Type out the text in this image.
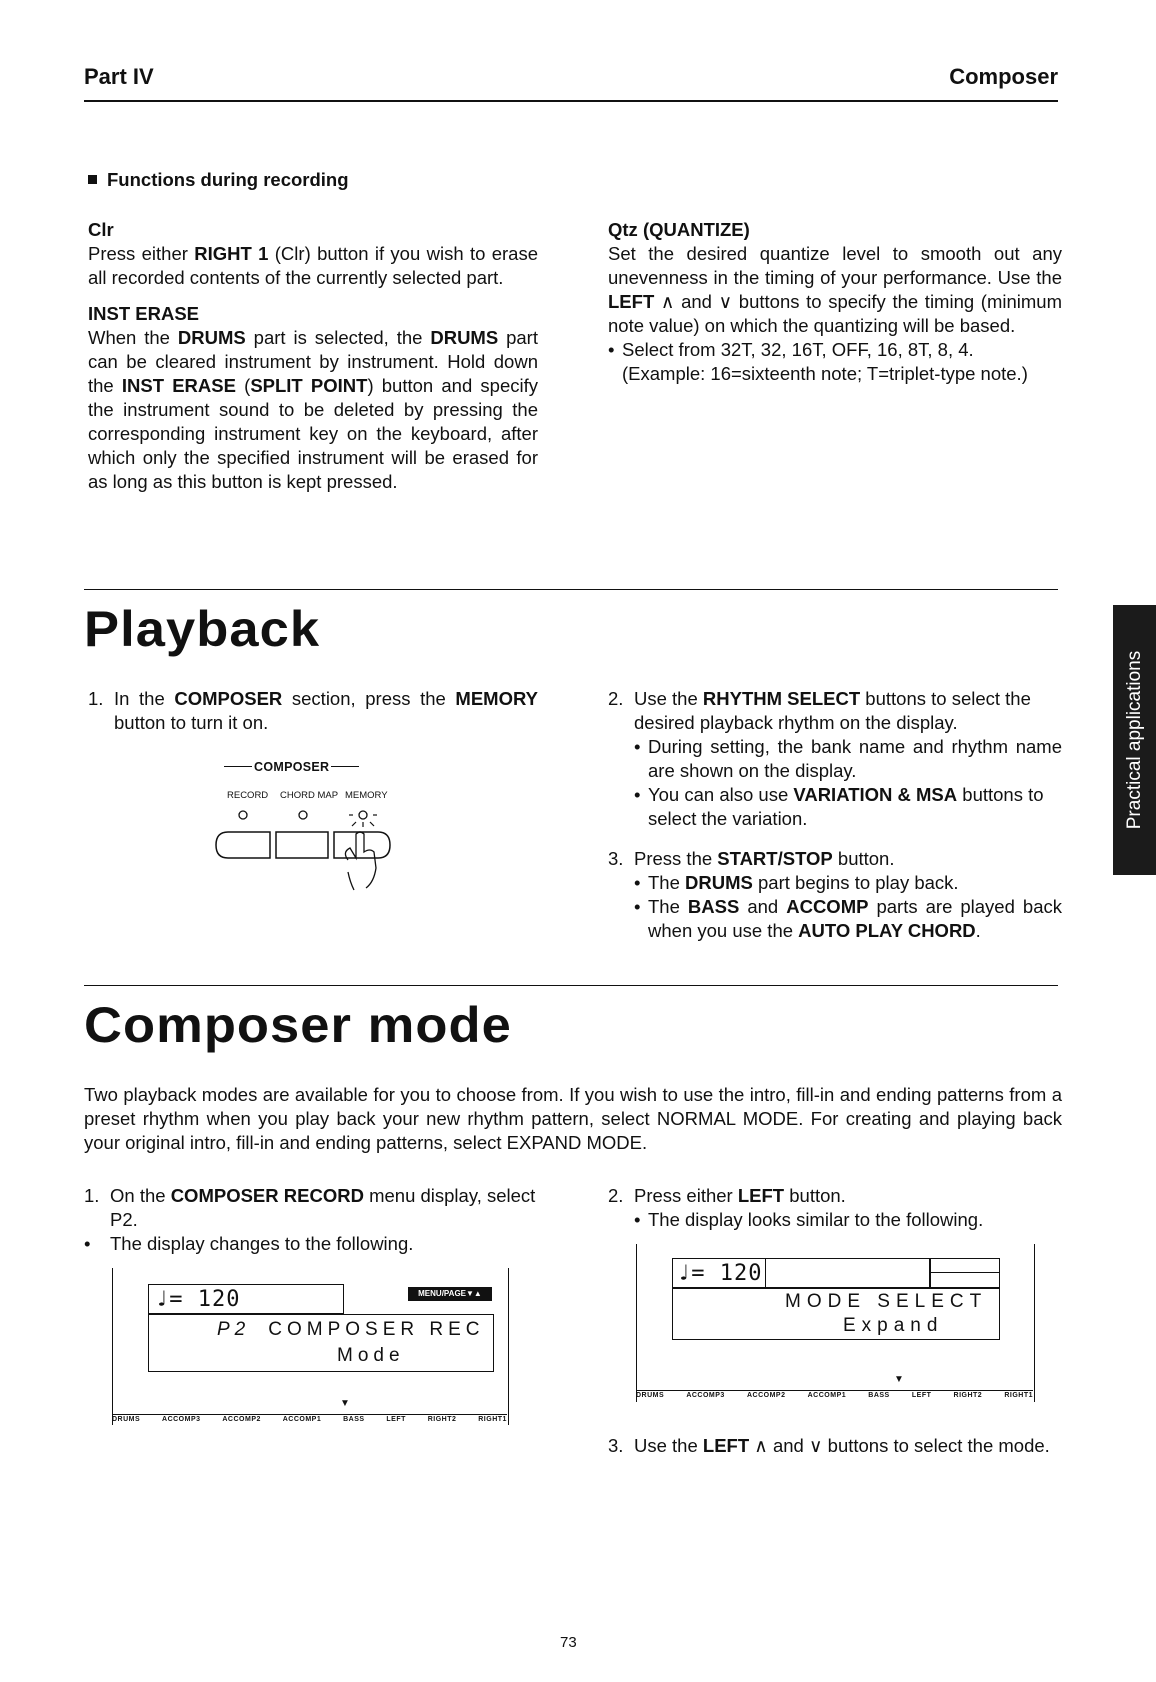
Part IV	Composer
Functions during recording
Clr
Press either RIGHT 1 (Clr) button if you wish to erase all recorded contents of the currently selected part.
INST ERASE
When the DRUMS part is selected, the DRUMS part can be cleared instrument by instrument. Hold down the INST ERASE (SPLIT POINT) button and specify the instrument sound to be deleted by pressing the corresponding instrument key on the keyboard, after which only the specified instrument will be erased for as long as this button is kept pressed.
Qtz (QUANTIZE)
Set the desired quantize level to smooth out any unevenness in the timing of your performance. Use the LEFT ∧ and ∨ buttons to specify the timing (minimum note value) on which the quantizing will be based.
• Select from 32T, 32, 16T, OFF, 16, 8T, 8, 4. (Example: 16=sixteenth note; T=triplet-type note.)
Playback
1. In the COMPOSER section, press the MEMORY button to turn it on.
COMPOSER
RECORD CHORD MAP MEMORY
2. Use the RHYTHM SELECT buttons to select the desired playback rhythm on the display.
• During setting, the bank name and rhythm name are shown on the display.
• You can also use VARIATION & MSA buttons to select the variation.
3. Press the START/STOP button.
• The DRUMS part begins to play back.
• The BASS and ACCOMP parts are played back when you use the AUTO PLAY CHORD.
Composer mode
Two playback modes are available for you to choose from. If you wish to use the intro, fill-in and ending patterns from a preset rhythm when you play back your new rhythm pattern, select NORMAL MODE. For creating and playing back your original intro, fill-in and ending patterns, select EXPAND MODE.
1. On the COMPOSER RECORD menu display, select P2.
•	The display changes to the following.
♩= 120	MENU/PAGE▼▲
P2 COMPOSER REC
Mode
▼
DRUMS	ACCOMP3	ACCOMP2	ACCOMP1	BASS	LEFT	RIGHT2	RIGHT1
2. Press either LEFT button.
• The display looks similar to the following.
♩= 120
MODE SELECT
Expand
▼
DRUMS	ACCOMP3	ACCOMP2	ACCOMP1	BASS	LEFT	RIGHT2	RIGHT1
3. Use the LEFT ∧ and ∨ buttons to select the mode.
Practical applications
73
